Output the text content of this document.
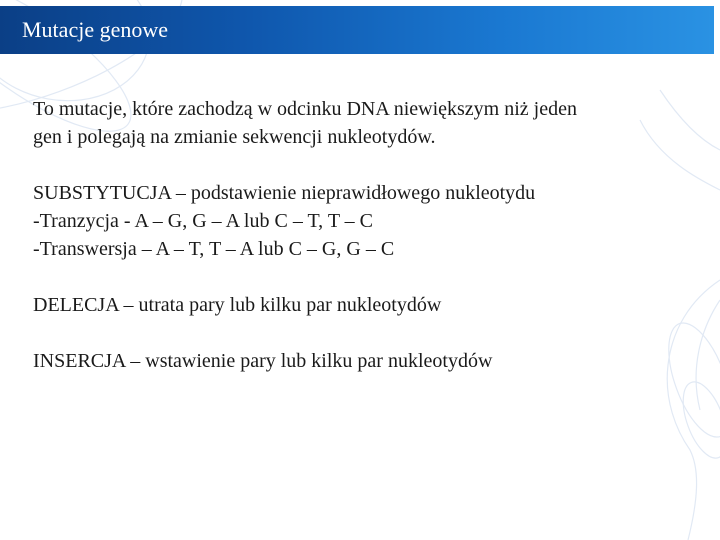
Mutacje genowe
To mutacje, które zachodzą w odcinku DNA niewiększym niż jeden
gen i polegają na zmianie sekwencji nukleotydów.
SUBSTYTUCJA – podstawienie nieprawidłowego nukleotydu
-Tranzycja - A – G, G – A lub C – T, T – C
-Transwersja – A – T, T – A lub C – G, G – C
DELECJA – utrata pary lub kilku par nukleotydów
INSERCJA – wstawienie pary lub kilku par nukleotydów
